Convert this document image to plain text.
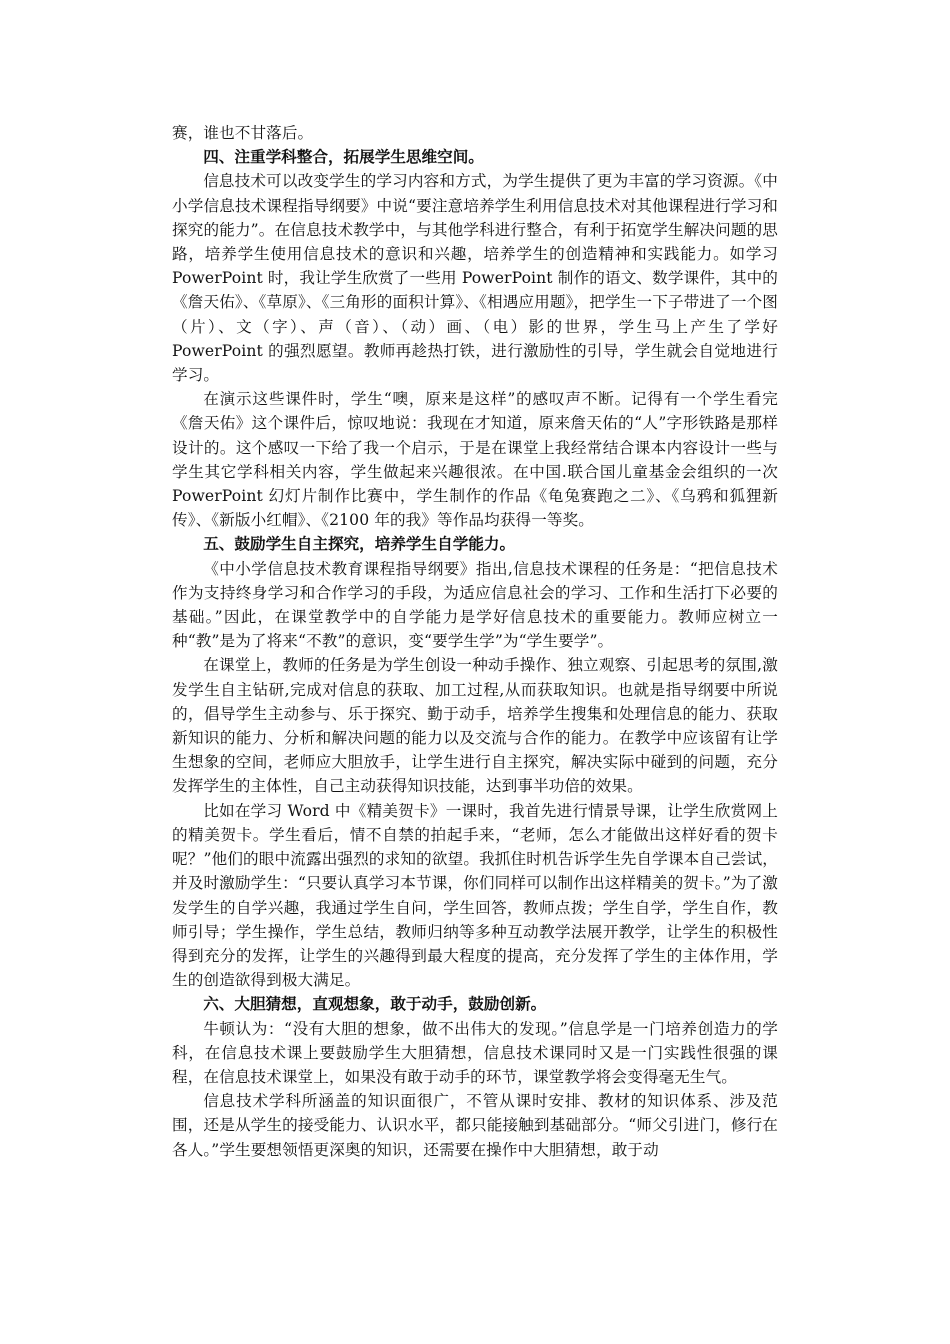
赛，谁也不甘落后。

四、注重学科整合，拓展学生思维空间。

信息技术可以改变学生的学习内容和方式，为学生提供了更为丰富的学习资源。《中小学信息技术课程指导纲要》中说“要注意培养学生利用信息技术对其他课程进行学习和探究的能力”。在信息技术教学中，与其他学科进行整合，有利于拓宽学生解决问题的思路，培养学生使用信息技术的意识和兴趣，培养学生的创造精神和实践能力。如学习 PowerPoint 时，我让学生欣赏了一些用 PowerPoint 制作的语文、数学课件，其中的《詹天佑》、《草原》、《三角形的面积计算》、《相遇应用题》，把学生一下子带进了一个图（片）、文（字）、声（音）、（动）画、（电）影的世界，学生马上产生了学好 PowerPoint 的强烈愿望。教师再趁热打铁，进行激励性的引导，学生就会自觉地进行学习。

在演示这些课件时，学生“噢，原来是这样”的感叹声不断。记得有一个学生看完《詹天佑》这个课件后，惊叹地说：我现在才知道，原来詹天佑的“人”字形铁路是那样设计的。这个感叹一下给了我一个启示，于是在课堂上我经常结合课本内容设计一些与学生其它学科相关内容，学生做起来兴趣很浓。在中国.联合国儿童基金会组织的一次 PowerPoint 幻灯片制作比赛中，学生制作的作品《龟兔赛跑之二》、《乌鸦和狐狸新传》、《新版小红帽》、《2100 年的我》等作品均获得一等奖。

五、鼓励学生自主探究，培养学生自学能力。

《中小学信息技术教育课程指导纲要》指出,信息技术课程的任务是：“把信息技术作为支持终身学习和合作学习的手段，为适应信息社会的学习、工作和生活打下必要的基础。”因此，在课堂教学中的自学能力是学好信息技术的重要能力。教师应树立一种“教”是为了将来“不教”的意识，变“要学生学”为“学生要学”。

在课堂上，教师的任务是为学生创设一种动手操作、独立观察、引起思考的氛围,激发学生自主钻研,完成对信息的获取、加工过程,从而获取知识。也就是指导纲要中所说的，倡导学生主动参与、乐于探究、勤于动手，培养学生搜集和处理信息的能力、获取新知识的能力、分析和解决问题的能力以及交流与合作的能力。在教学中应该留有让学生想象的空间，老师应大胆放手，让学生进行自主探究，解决实际中碰到的问题，充分发挥学生的主体性，自己主动获得知识技能，达到事半功倍的效果。

比如在学习 Word 中《精美贺卡》一课时，我首先进行情景导课，让学生欣赏网上的精美贺卡。学生看后，情不自禁的拍起手来，“老师，怎么才能做出这样好看的贺卡呢？”他们的眼中流露出强烈的求知的欲望。我抓住时机告诉学生先自学课本自己尝试，并及时激励学生：“只要认真学习本节课，你们同样可以制作出这样精美的贺卡。”为了激发学生的自学兴趣，我通过学生自问，学生回答，教师点拨；学生自学，学生自作，教师引导；学生操作，学生总结，教师归纳等多种互动教学法展开教学，让学生的积极性得到充分的发挥，让学生的兴趣得到最大程度的提高，充分发挥了学生的主体作用，学生的创造欲得到极大满足。

六、大胆猜想，直观想象，敢于动手，鼓励创新。

牛顿认为：“没有大胆的想象，做不出伟大的发现。”信息学是一门培养创造力的学科，在信息技术课上要鼓励学生大胆猜想，信息技术课同时又是一门实践性很强的课程，在信息技术课堂上，如果没有敢于动手的环节，课堂教学将会变得毫无生气。

信息技术学科所涵盖的知识面很广，不管从课时安排、教材的知识体系、涉及范围，还是从学生的接受能力、认识水平，都只能接触到基础部分。“师父引进门，修行在各人。”学生要想领悟更深奥的知识，还需要在操作中大胆猜想，敢于动
